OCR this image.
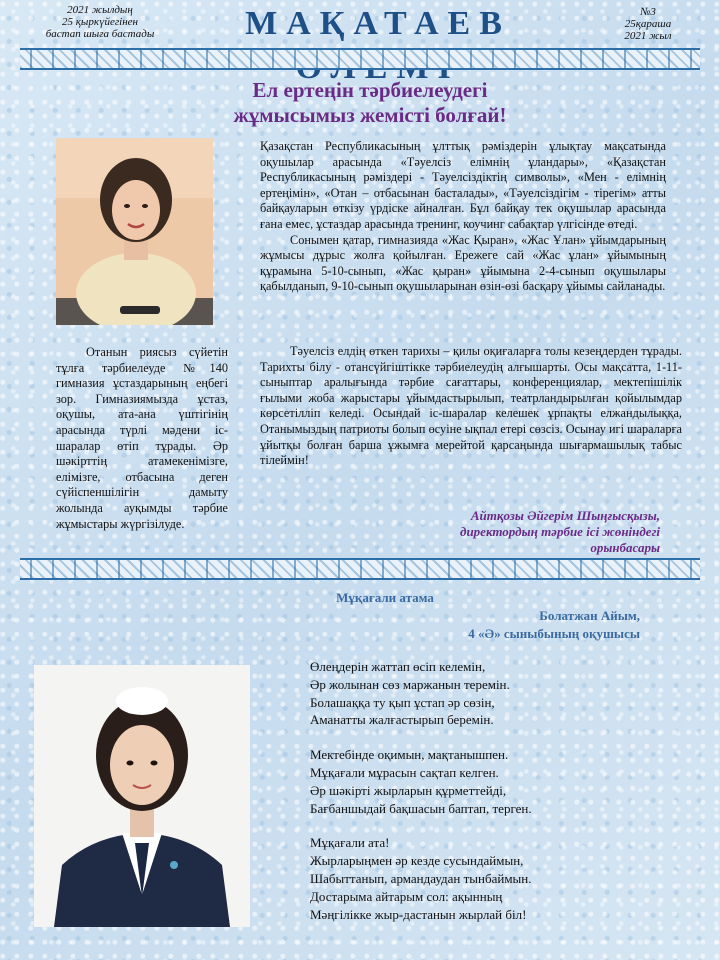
2021 жылдың
25 қыркүйегінен
бастап шыға бастады	МАҚАТАЕВ	№3
25қараша
2021 жыл
Ел ертеңін тәрбиелеудегі
жұмысымыз жемісті болғай!

Қазақстан Республикасының ұлттық рәміздерін ұлықтау мақсатында оқушылар арасында «Тәуелсіз елімнің ұландары», «Қазақстан Республикасының рәміздері - Тәуелсіздіктің символы», «Мен - елімнің ертеңімін», «Отан – отбасынан басталады», «Тәуелсіздігім - тірегім» атты байқауларын өткізу үрдіске айналған. Бұл байқау тек оқушылар арасында ғана емес, ұстаздар арасында тренинг, коучинг сабақтар үлгісінде өтеді.

Сонымен қатар, гимназияда «Жас Қыран», «Жас Ұлан» ұйымдарының жұмысы дұрыс жолға қойылған. Ережеге сай «Жас ұлан» ұйымының құрамына 5-10-сынып, «Жас қыран» ұйымына 2-4-сынып оқушылары қабылданып, 9-10-сынып оқушыларынан өзін-өзі басқару ұйымы сайланады.

Отанын риясыз сүйетін тұлға тәрбиелеуде №140 гимназия ұстаздарының еңбегі зор. Гимназиямызда ұстаз, оқушы, ата-ана үштігінің арасында түрлі мәдени іс-шаралар өтіп тұрады. Әр шәкірттің атамекенімізге, елімізге, отбасына деген сүйіспеншілігін дамыту жолында ауқымды тәрбие жұмыстары жүргізілуде.

Тәуелсіз елдің өткен тарихы – қилы оқиғаларға толы кезеңдерден тұрады. Тарихты білу - отансүйгіштікке тәрбиелеудің алғышарты. Осы мақсатта, 1-11-сыныптар аралығында тәрбие сағаттары, конференциялар, мектепішілік ғылыми жоба жарыстары ұйымдастырылып, театрландырылған қойылымдар көрсетілліп келеді. Осындай іс-шаралар келешек ұрпақты елжандылыққа, Отанымыздың патриоты болып өсуіне ықпал етері сөзсіз. Осынау игі шараларға ұйытқы болған барша ұжымға мерейтой қарсаңында шығармашылық табыс тілеймін!

Айтқозы Әйгерім Шыңғысқызы,
директордың тәрбие ісі жөніндегі
орынбасары
Мұқағали атама
Болатжан Айым,
4 «Ә» сыныбының оқушысы
Өлеңдерін жаттап өсіп келемін,
Әр жолынан сөз маржанын теремін.
Болашаққа ту қып ұстап әр сөзін,
Аманатты жалғастырып беремін.
Мектебінде оқимын, мақтанышпен.
Мұқағали мұрасын сақтап келген.
Әр шәкірті жырларын құрметтейді,
Бағбаншыдай бақшасын баптап, терген.
Мұқағали ата!
Жырларыңмен әр кезде сусындаймын,
Шабыттанып, армандаудан тынбаймын.
Достарыма айтарым сол: ақынның
Мәңгілікке жыр-дастанын жырлай біл!
